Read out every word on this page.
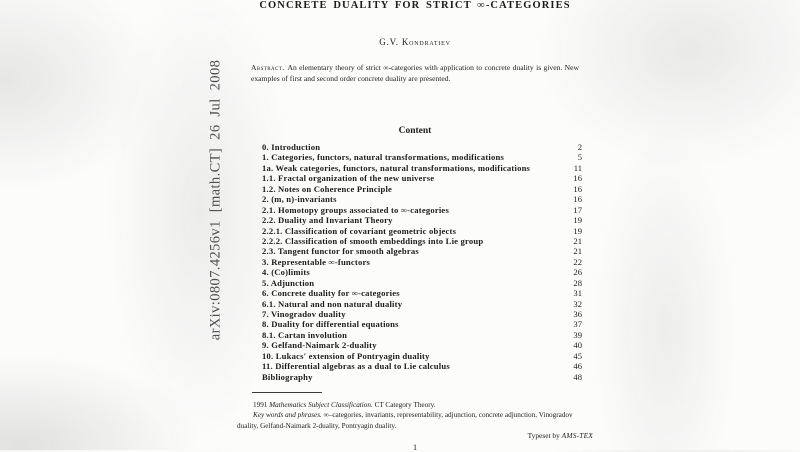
arXiv:0807.4256v1 [math.CT] 26 Jul 2008
CONCRETE DUALITY FOR STRICT ∞-CATEGORIES
G.V. Kondratiev

Abstract. An elementary theory of strict ∞-categories with application to concrete duality is given. New examples of first and second order concrete duality are presented.

Content
0. Introduction	2
1. Categories, functors, natural transformations, modifications	5
1a. Weak categories, functors, natural transformations, modifications	11
1.1. Fractal organization of the new universe	16
1.2. Notes on Coherence Principle	16
2. (m, n)-invariants	16
2.1. Homotopy groups associated to ∞-categories	17
2.2. Duality and Invariant Theory	19
2.2.1. Classification of covariant geometric objects	19
2.2.2. Classification of smooth embeddings into Lie group	21
2.3. Tangent functor for smooth algebras	21
3. Representable ∞-functors	22
4. (Co)limits	26
5. Adjunction	28
6. Concrete duality for ∞-categories	31
6.1. Natural and non natural duality	32
7. Vinogradov duality	36
8. Duality for differential equations	37
8.1. Cartan involution	39
9. Gelfand-Naimark 2-duality	40
10. Lukacs' extension of Pontryagin duality	45
11. Differential algebras as a dual to Lie calculus	46
Bibliography	48

1991 Mathematics Subject Classification. CT Category Theory.

Key words and phrases. ∞–categories, invariants, representability, adjunction, concrete adjunction, Vinogradov duality, Gelfand-Naimark 2-duality, Pontryagin duality.

Typeset by AMS-TEX
1
